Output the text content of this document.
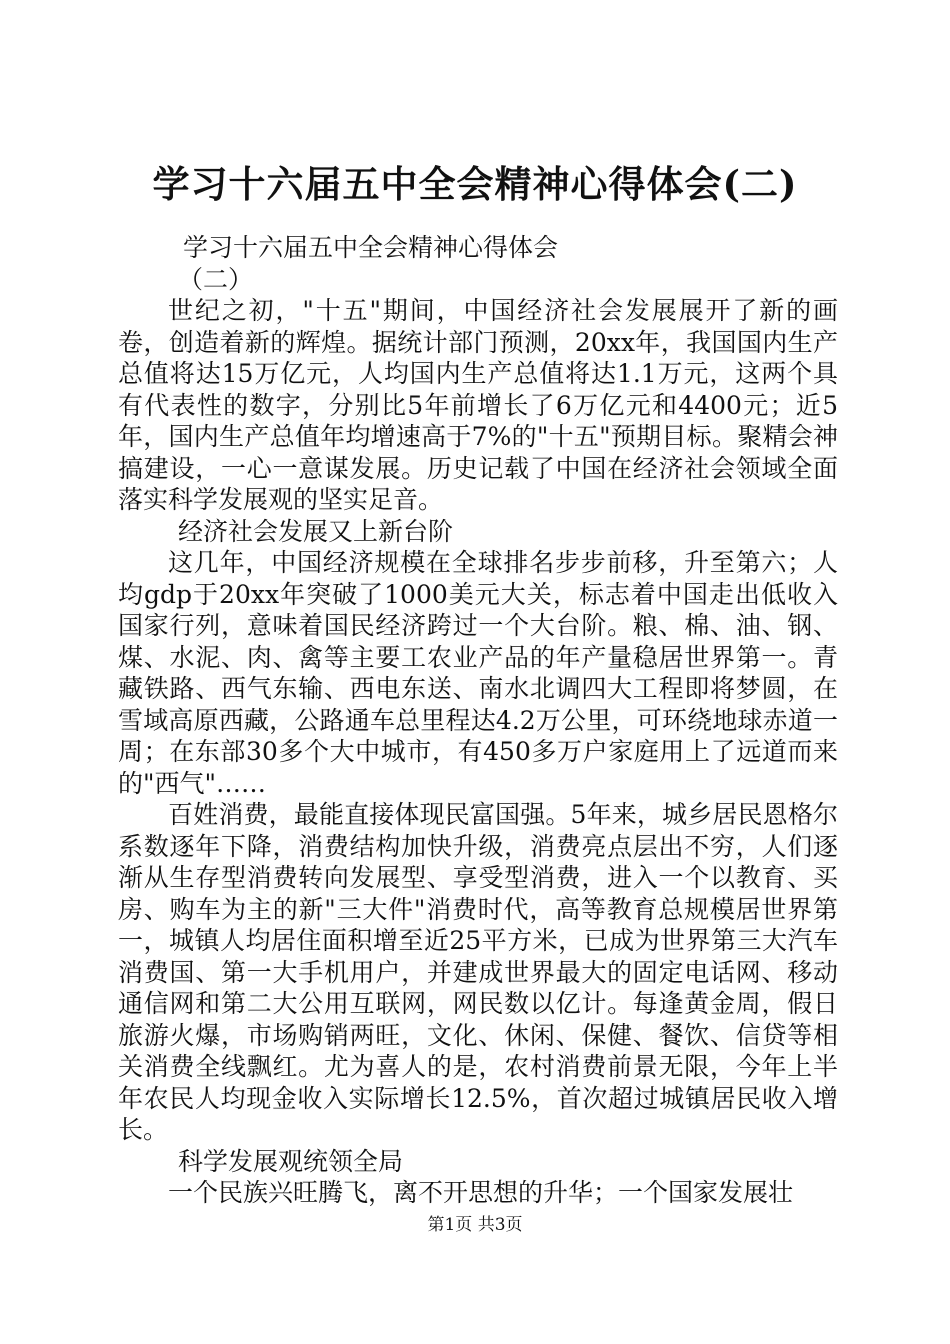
学习十六届五中全会精神心得体会(二)

学习十六届五中全会精神心得体会

（二）

世纪之初，"十五"期间，中国经济社会发展展开了新的画卷，创造着新的辉煌。据统计部门预测，20xx年，我国国内生产总值将达15万亿元，人均国内生产总值将达1.1万元，这两个具有代表性的数字，分别比5年前增长了6万亿元和4400元；近5年，国内生产总值年均增速高于7%的"十五"预期目标。聚精会神搞建设，一心一意谋发展。历史记载了中国在经济社会领域全面落实科学发展观的坚实足音。

经济社会发展又上新台阶

这几年，中国经济规模在全球排名步步前移，升至第六；人均gdp于20xx年突破了1000美元大关，标志着中国走出低收入国家行列，意味着国民经济跨过一个大台阶。粮、棉、油、钢、煤、水泥、肉、禽等主要工农业产品的年产量稳居世界第一。青藏铁路、西气东输、西电东送、南水北调四大工程即将梦圆，在雪域高原西藏，公路通车总里程达4.2万公里，可环绕地球赤道一周；在东部30多个大中城市，有450多万户家庭用上了远道而来的"西气"……

百姓消费，最能直接体现民富国强。5年来，城乡居民恩格尔系数逐年下降，消费结构加快升级，消费亮点层出不穷，人们逐渐从生存型消费转向发展型、享受型消费，进入一个以教育、买房、购车为主的新"三大件"消费时代，高等教育总规模居世界第一，城镇人均居住面积增至近25平方米，已成为世界第三大汽车消费国、第一大手机用户，并建成世界最大的固定电话网、移动通信网和第二大公用互联网，网民数以亿计。每逢黄金周，假日旅游火爆，市场购销两旺，文化、休闲、保健、餐饮、信贷等相关消费全线飘红。尤为喜人的是，农村消费前景无限，今年上半年农民人均现金收入实际增长12.5%，首次超过城镇居民收入增长。

科学发展观统领全局

一个民族兴旺腾飞，离不开思想的升华；一个国家发展壮

第1页 共3页
